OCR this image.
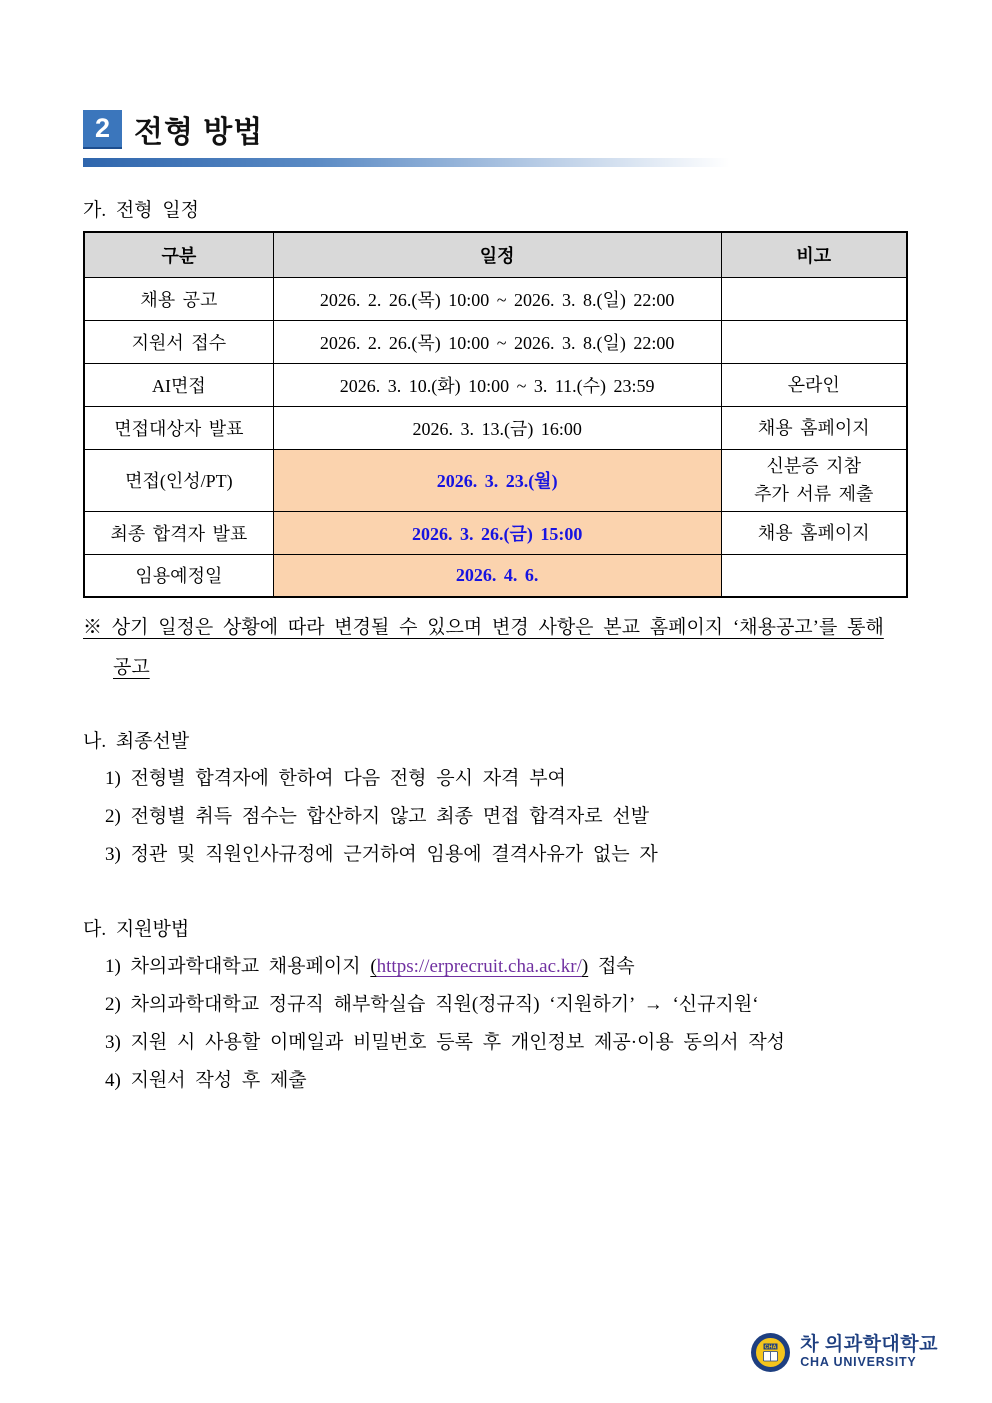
2 전형 방법
가. 전형 일정
구분	일정	비고
채용 공고	2026. 2. 26.(목) 10:00 ~ 2026. 3. 8.(일) 22:00	
지원서 접수	2026. 2. 26.(목) 10:00 ~ 2026. 3. 8.(일) 22:00	
AI면접	2026. 3. 10.(화) 10:00 ~ 3. 11.(수) 23:59	온라인

면접대상자 발표	2026. 3. 13.(금) 16:00	채용 홈페이지

면접(인성/PT)	2026. 3. 23.(월)	신분증 지참
추가 서류 제출

최종 합격자 발표	2026. 3. 26.(금) 15:00	채용 홈페이지

임용예정일	2026. 4. 6.	
※ 상기 일정은 상황에 따라 변경될 수 있으며 변경 사항은 본교 홈페이지 ‘채용공고’를 통해
공고
나. 최종선발
1) 전형별 합격자에 한하여 다음 전형 응시 자격 부여
2) 전형별 취득 점수는 합산하지 않고 최종 면접 합격자로 선발
3) 정관 및 직원인사규정에 근거하여 임용에 결격사유가 없는 자
다. 지원방법
1) 차의과학대학교 채용페이지 (https://erprecruit.cha.ac.kr/) 접속
2) 차의과학대학교 정규직 해부학실습 직원(정규직) ‘지원하기’ → ‘신규지원‘
3) 지원 시 사용할 이메일과 비밀번호 등록 후 개인정보 제공·이용 동의서 작성
4) 지원서 작성 후 제출
CHA 차 의과학대학교
CHA UNIVERSITY
